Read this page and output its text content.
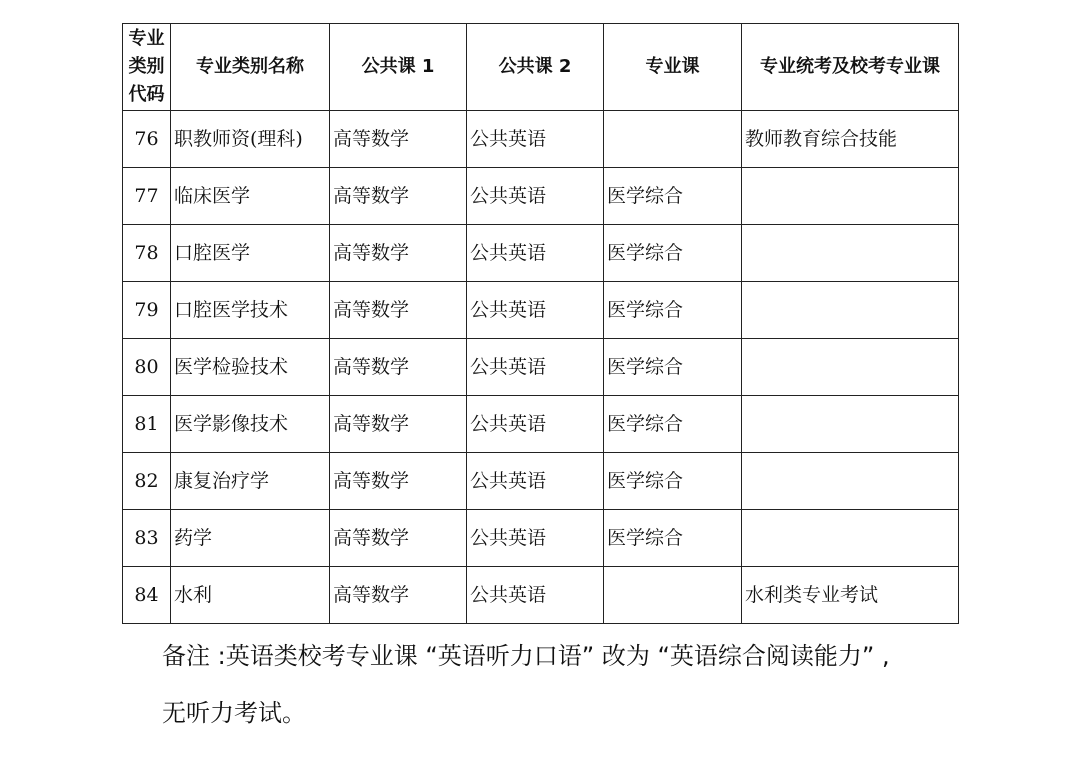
专业
类别
代码	专业类别名称	公共课 1	公共课 2	专业课	专业统考及校考专业课
76	职教师资(理科)	高等数学	公共英语		教师教育综合技能
77	临床医学	高等数学	公共英语	医学综合	
78	口腔医学	高等数学	公共英语	医学综合	
79	口腔医学技术	高等数学	公共英语	医学综合	
80	医学检验技术	高等数学	公共英语	医学综合	
81	医学影像技术	高等数学	公共英语	医学综合	
82	康复治疗学	高等数学	公共英语	医学综合	
83	药学	高等数学	公共英语	医学综合	
84	水利	高等数学	公共英语		水利类专业考试
备注 :英语类校考专业课 “英语听力口语” 改为 “英语综合阅读能力” ,
无听力考试。
